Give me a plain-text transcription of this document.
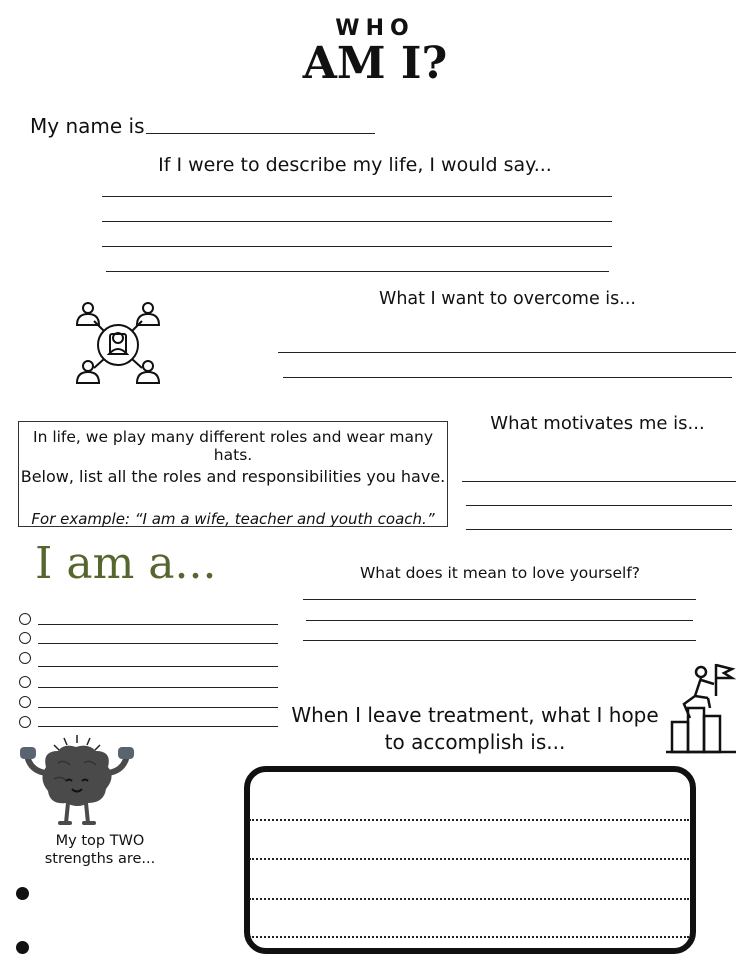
WHO
AM I?
My name is
If I were to describe my life, I would say...
What I want to overcome is...
In life, we play many different roles and wear many hats.
Below, list all the roles and responsibilities you have.
For example: “I am a wife, teacher and youth coach.”
What motivates me is...
I am a...	What does it mean to love yourself?
When I leave treatment, what I hope to accomplish is...
My top TWO strengths are...
